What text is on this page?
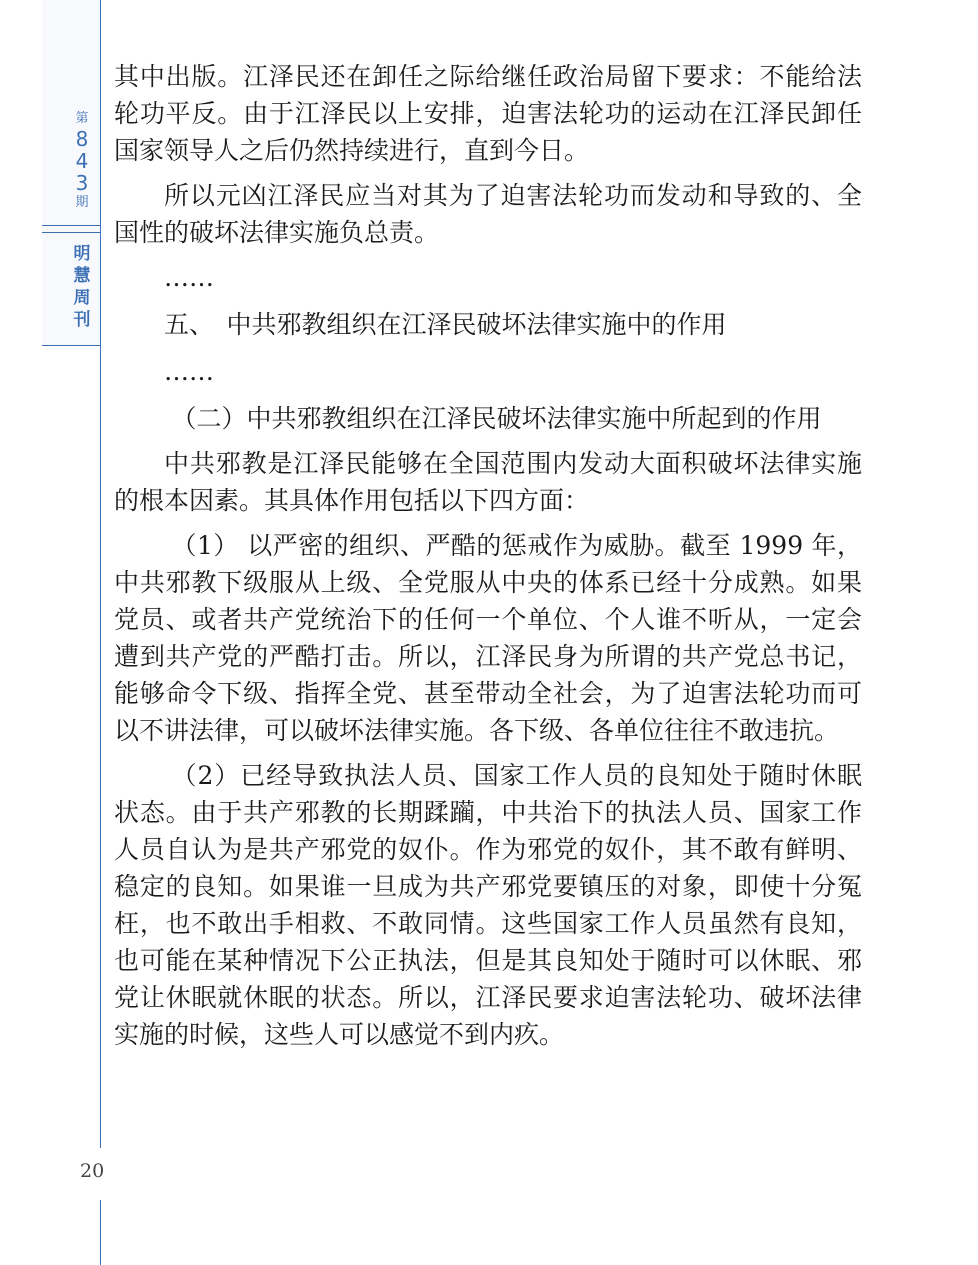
第
8
4
3
期
明
慧
周
刊
20

其中出版。江泽民还在卸任之际给继任政治局留下要求：不能给法轮功平反。由于江泽民以上安排，迫害法轮功的运动在江泽民卸任国家领导人之后仍然持续进行，直到今日。

所以元凶江泽民应当对其为了迫害法轮功而发动和导致的、全国性的破坏法律实施负总责。

……

五、　中共邪教组织在江泽民破坏法律实施中的作用

……

（二）中共邪教组织在江泽民破坏法律实施中所起到的作用

中共邪教是江泽民能够在全国范围内发动大面积破坏法律实施的根本因素。其具体作用包括以下四方面：

（1） 以严密的组织、严酷的惩戒作为威胁。截至 1999 年，中共邪教下级服从上级、全党服从中央的体系已经十分成熟。如果党员、或者共产党统治下的任何一个单位、个人谁不听从，一定会遭到共产党的严酷打击。所以，江泽民身为所谓的共产党总书记，能够命令下级、指挥全党、甚至带动全社会，为了迫害法轮功而可以不讲法律，可以破坏法律实施。各下级、各单位往往不敢违抗。

（2）已经导致执法人员、国家工作人员的良知处于随时休眠状态。由于共产邪教的长期蹂躏，中共治下的执法人员、国家工作人员自认为是共产邪党的奴仆。作为邪党的奴仆，其不敢有鲜明、稳定的良知。如果谁一旦成为共产邪党要镇压的对象，即使十分冤枉，也不敢出手相救、不敢同情。这些国家工作人员虽然有良知，也可能在某种情况下公正执法，但是其良知处于随时可以休眠、邪党让休眠就休眠的状态。所以，江泽民要求迫害法轮功、破坏法律实施的时候，这些人可以感觉不到内疚。
